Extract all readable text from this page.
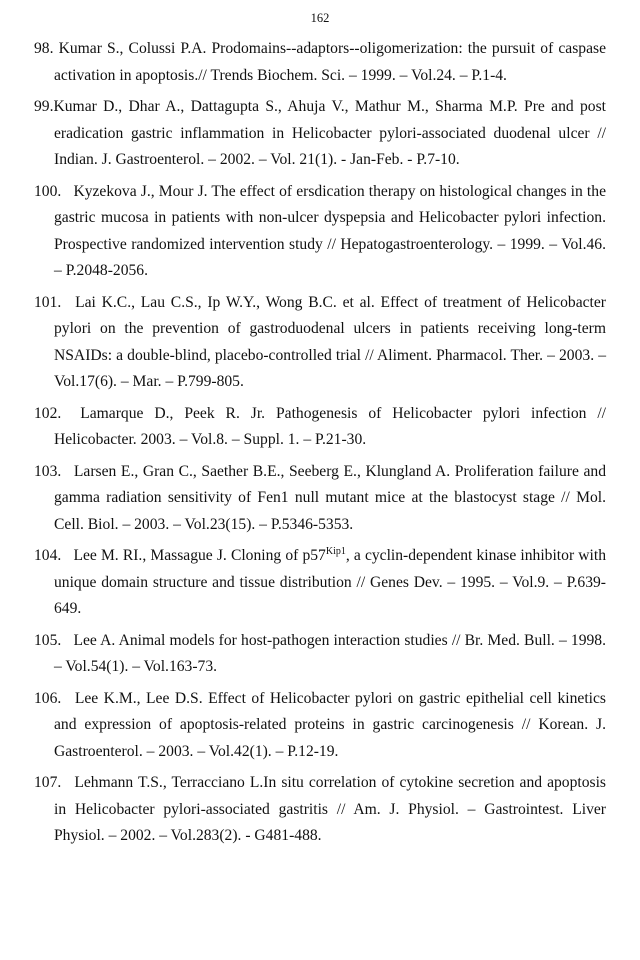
162
98. Kumar S., Colussi P.A. Prodomains--adaptors--oligomerization: the pursuit of caspase activation in apoptosis.// Trends Biochem. Sci. – 1999. – Vol.24. – P.1-4.
99.Kumar D., Dhar A., Dattagupta S., Ahuja V., Mathur M., Sharma M.P. Pre and post eradication gastric inflammation in Helicobacter pylori-associated duodenal ulcer // Indian. J. Gastroenterol. – 2002. – Vol. 21(1). - Jan-Feb. - P.7-10.
100. Kyzekova J., Mour J. The effect of ersdication therapy on histological changes in the gastric mucosa in patients with non-ulcer dyspepsia and Helicobacter pylori infection. Prospective randomized intervention study // Hepatogastroenterology. – 1999. – Vol.46. – P.2048-2056.
101. Lai K.C., Lau C.S., Ip W.Y., Wong B.C. et al. Effect of treatment of Helicobacter pylori on the prevention of gastroduodenal ulcers in patients receiving long-term NSAIDs: a double-blind, placebo-controlled trial // Aliment. Pharmacol. Ther. – 2003. – Vol.17(6). – Mar. – P.799-805.
102. Lamarque D., Peek R. Jr. Pathogenesis of Helicobacter pylori infection // Helicobacter. 2003. – Vol.8. – Suppl. 1. – P.21-30.
103. Larsen E., Gran C., Saether B.E., Seeberg E., Klungland A. Proliferation failure and gamma radiation sensitivity of Fen1 null mutant mice at the blastocyst stage // Mol. Cell. Biol. – 2003. – Vol.23(15). – P.5346-5353.
104. Lee M. RI., Massague J. Cloning of $p57^{Kip1}$, a cyclin-dependent kinase inhibitor with unique domain structure and tissue distribution // Genes Dev. – 1995. – Vol.9. – P.639-649.
105. Lee A. Animal models for host-pathogen interaction studies // Br. Med. Bull. – 1998. – Vol.54(1). – Vol.163-73.
106. Lee K.M., Lee D.S. Effect of Helicobacter pylori on gastric epithelial cell kinetics and expression of apoptosis-related proteins in gastric carcinogenesis // Korean. J. Gastroenterol. – 2003. – Vol.42(1). – P.12-19.
107. Lehmann T.S., Terracciano L.In situ correlation of cytokine secretion and apoptosis in Helicobacter pylori-associated gastritis // Am. J. Physiol. – Gastrointest. Liver Physiol. – 2002. – Vol.283(2). - G481-488.
